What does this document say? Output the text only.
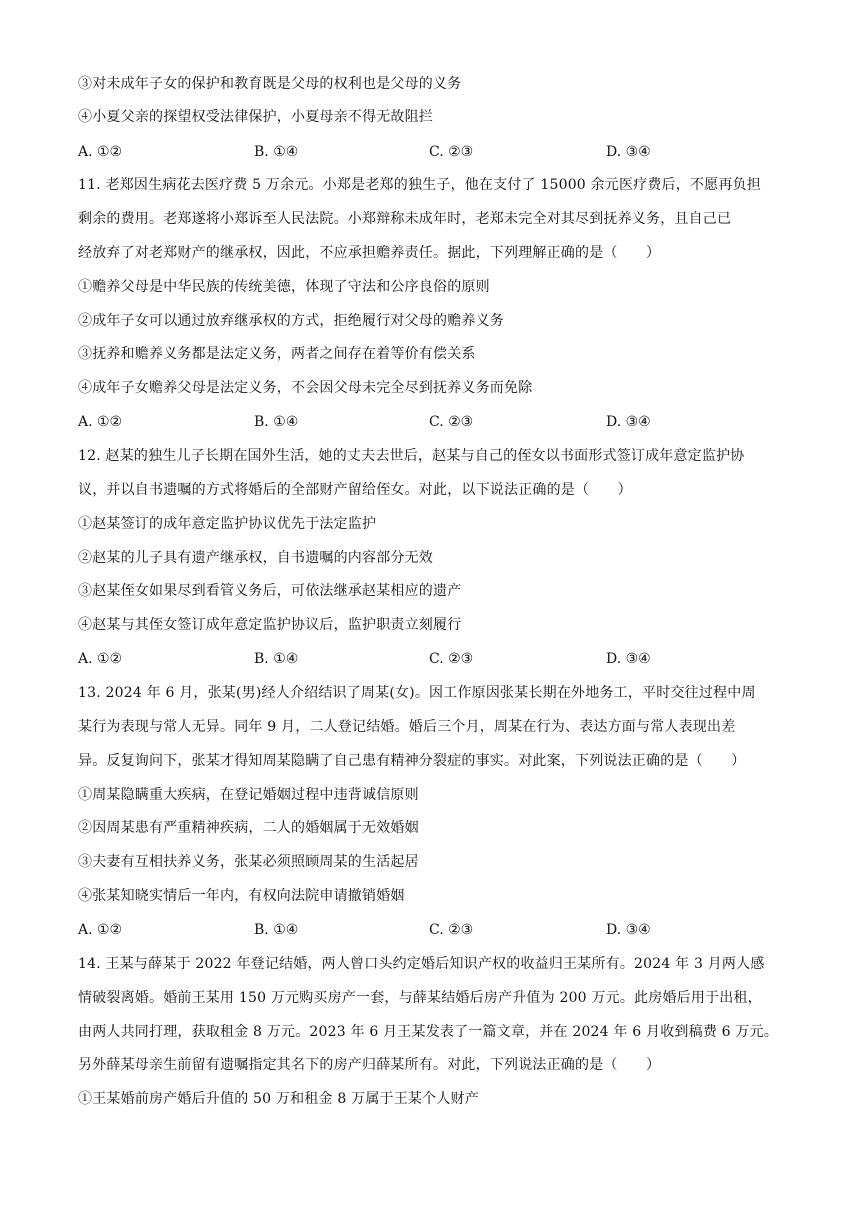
③对未成年子女的保护和教育既是父母的权利也是父母的义务
④小夏父亲的探望权受法律保护，小夏母亲不得无故阻拦
A. ①②	B. ①④	C. ②③	D. ③④
11. 老郑因生病花去医疗费 5 万余元。小郑是老郑的独生子，他在支付了 15000 余元医疗费后，不愿再负担
剩余的费用。老郑遂将小郑诉至人民法院。小郑辩称未成年时，老郑未完全对其尽到抚养义务，且自己已
经放弃了对老郑财产的继承权，因此，不应承担赡养责任。据此，下列理解正确的是（　　）
①赡养父母是中华民族的传统美德，体现了守法和公序良俗的原则
②成年子女可以通过放弃继承权的方式，拒绝履行对父母的赡养义务
③抚养和赡养义务都是法定义务，两者之间存在着等价有偿关系
④成年子女赡养父母是法定义务，不会因父母未完全尽到抚养义务而免除
A. ①②	B. ①④	C. ②③	D. ③④
12. 赵某的独生儿子长期在国外生活，她的丈夫去世后，赵某与自己的侄女以书面形式签订成年意定监护协
议，并以自书遗嘱的方式将婚后的全部财产留给侄女。对此，以下说法正确的是（　　）
①赵某签订的成年意定监护协议优先于法定监护
②赵某的儿子具有遗产继承权，自书遗嘱的内容部分无效
③赵某侄女如果尽到看管义务后，可依法继承赵某相应的遗产
④赵某与其侄女签订成年意定监护协议后，监护职责立刻履行
A. ①②	B. ①④	C. ②③	D. ③④
13. 2024 年 6 月，张某(男)经人介绍结识了周某(女)。因工作原因张某长期在外地务工，平时交往过程中周
某行为表现与常人无异。同年 9 月，二人登记结婚。婚后三个月，周某在行为、表达方面与常人表现出差
异。反复询问下，张某才得知周某隐瞒了自己患有精神分裂症的事实。对此案，下列说法正确的是（　　）
①周某隐瞒重大疾病，在登记婚姻过程中违背诚信原则
②因周某患有严重精神疾病，二人的婚姻属于无效婚姻
③夫妻有互相扶养义务，张某必须照顾周某的生活起居
④张某知晓实情后一年内，有权向法院申请撤销婚姻
A. ①②	B. ①④	C. ②③	D. ③④
14. 王某与薛某于 2022 年登记结婚，两人曾口头约定婚后知识产权的收益归王某所有。2024 年 3 月两人感
情破裂离婚。婚前王某用 150 万元购买房产一套，与薛某结婚后房产升值为 200 万元。此房婚后用于出租，
由两人共同打理，获取租金 8 万元。2023 年 6 月王某发表了一篇文章，并在 2024 年 6 月收到稿费 6 万元。
另外薛某母亲生前留有遗嘱指定其名下的房产归薛某所有。对此，下列说法正确的是（　　）
①王某婚前房产婚后升值的 50 万和租金 8 万属于王某个人财产
